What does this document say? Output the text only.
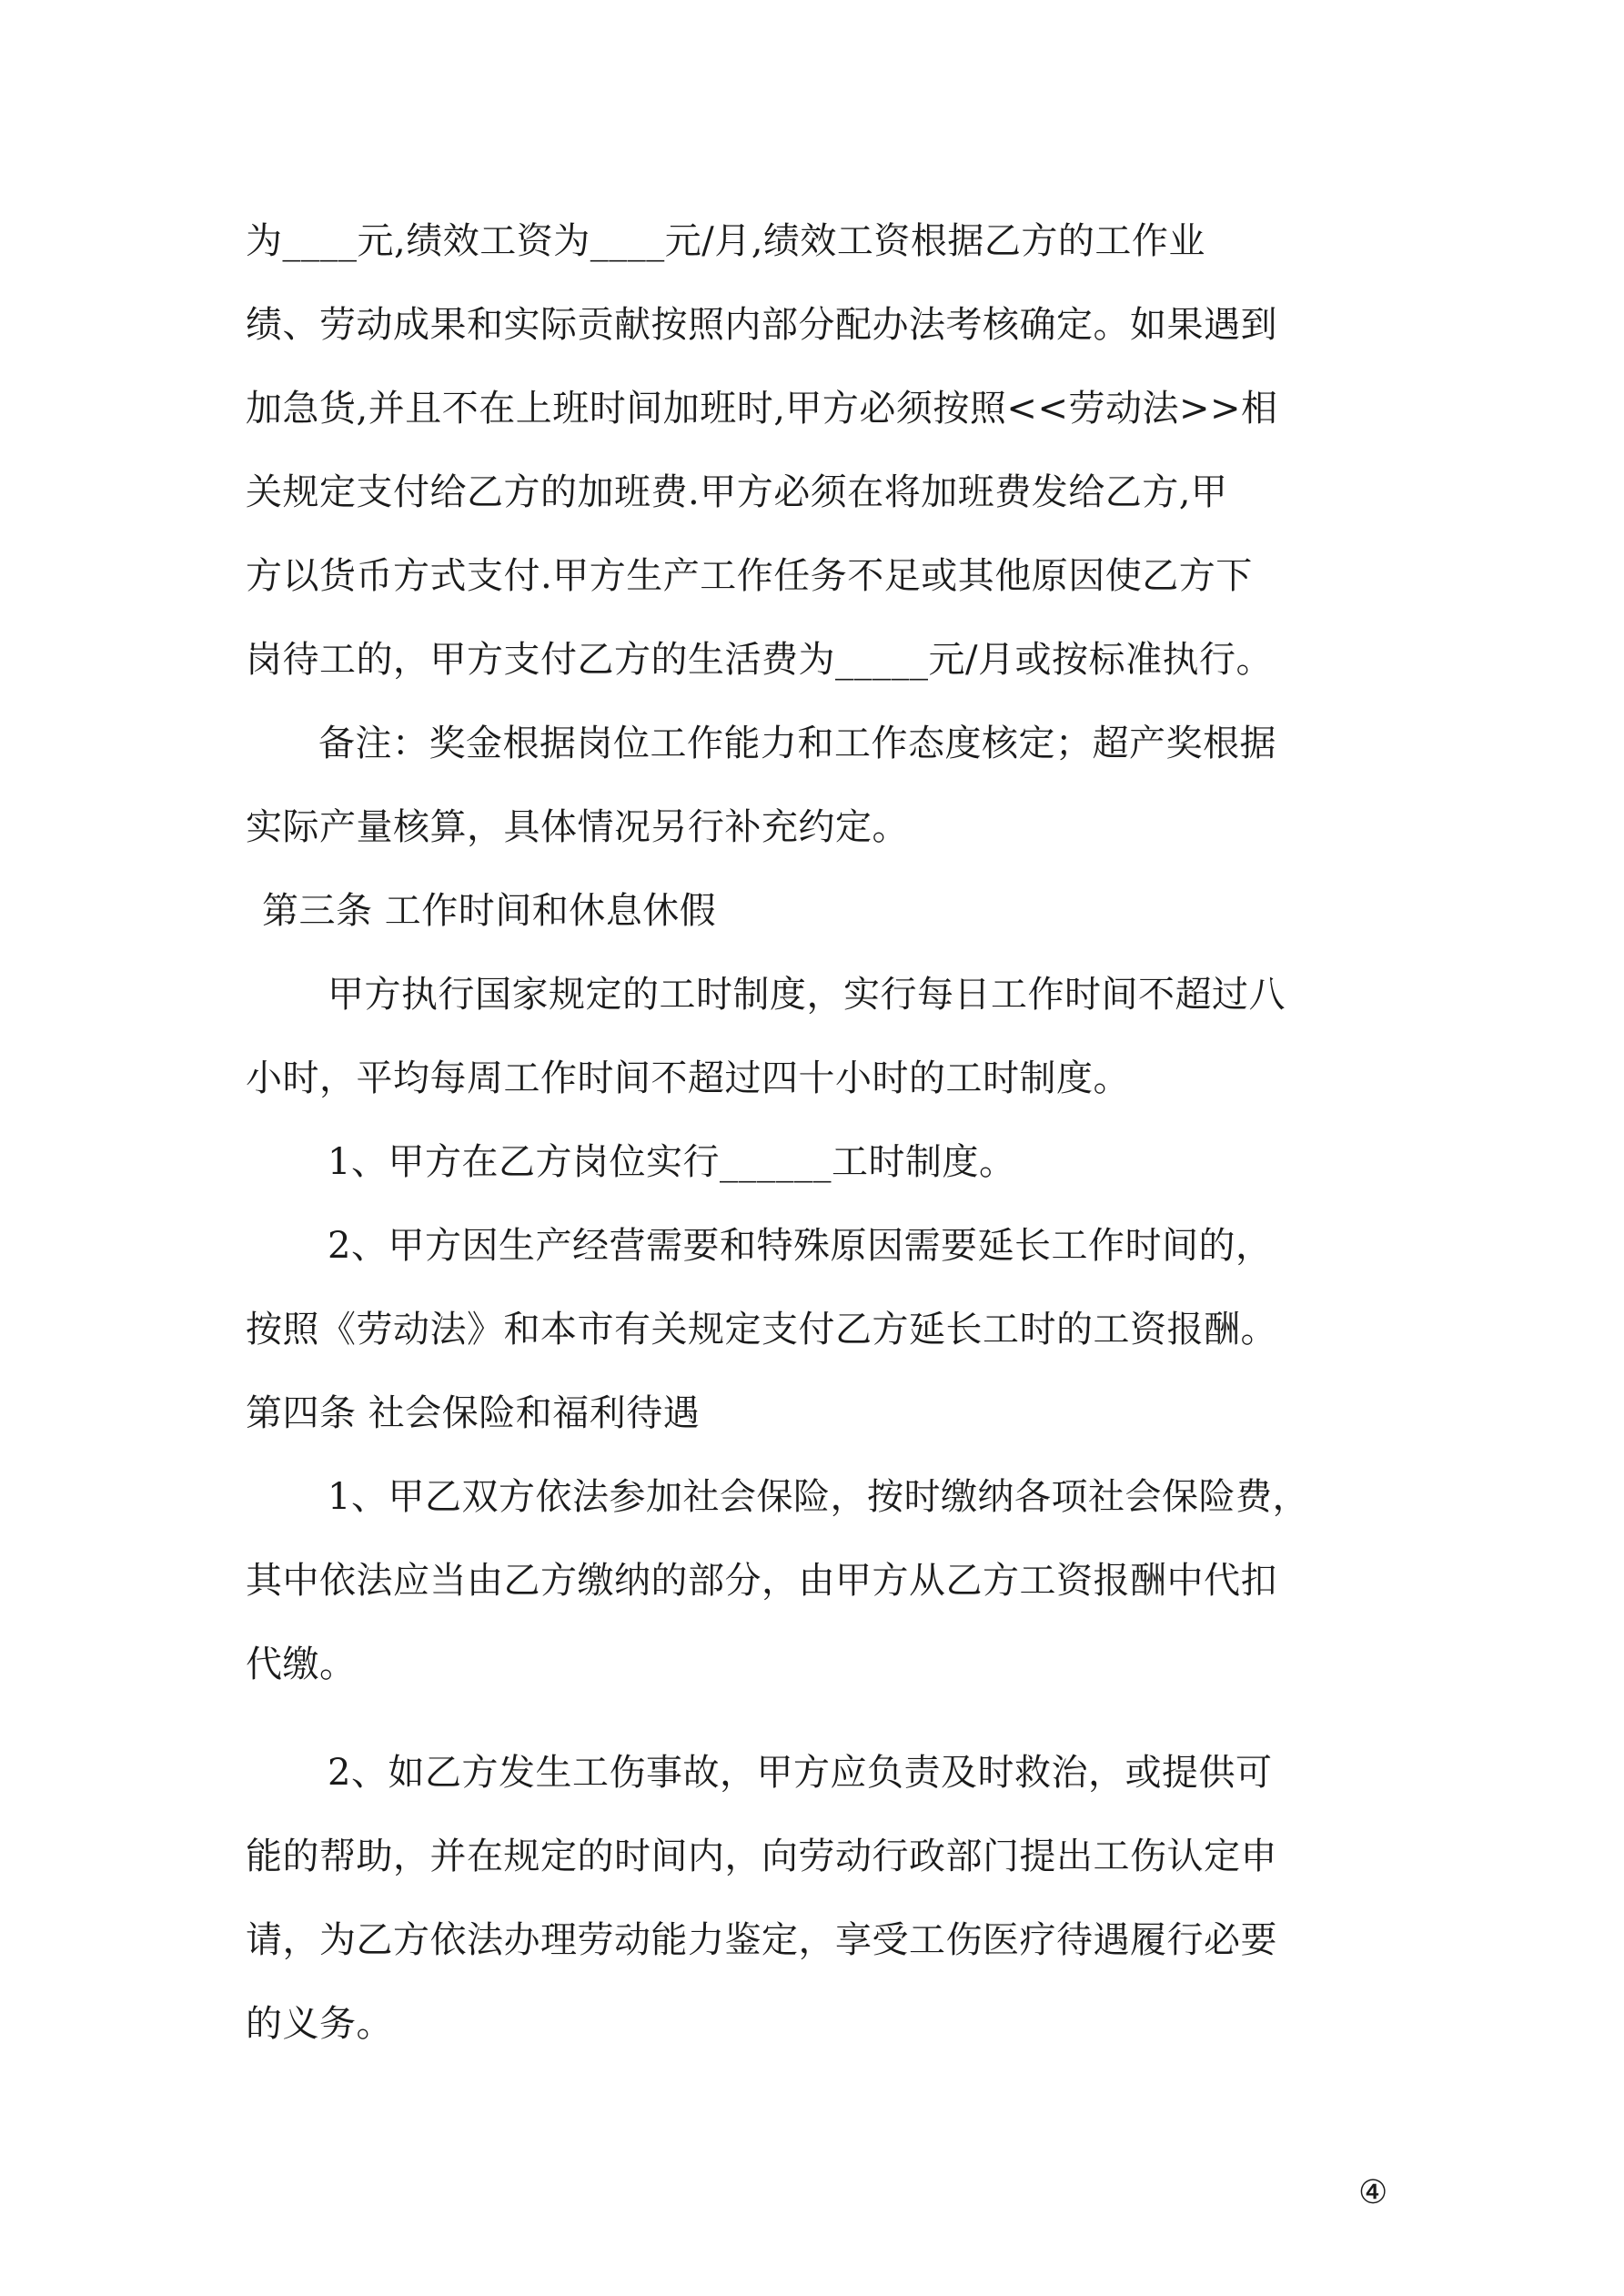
为____元,绩效工资为____元/月,绩效工资根据乙方的工作业
绩、劳动成果和实际贡献按照内部分配办法考核确定。如果遇到
加急货,并且不在上班时间加班时,甲方必须按照<<劳动法>>相
关规定支付给乙方的加班费.甲方必须在将加班费发给乙方,甲
方以货币方式支付.甲方生产工作任务不足或其他原因使乙方下
岗待工的，甲方支付乙方的生活费为_____元/月或按标准执行。
备注：奖金根据岗位工作能力和工作态度核定；超产奖根据
实际产量核算，具体情况另行补充约定。
第三条 工作时间和休息休假
甲方执行国家规定的工时制度，实行每日工作时间不超过八
小时，平均每周工作时间不超过四十小时的工时制度。
1、甲方在乙方岗位实行______工时制度。
2、甲方因生产经营需要和特殊原因需要延长工作时间的，
按照《劳动法》和本市有关规定支付乙方延长工时的工资报酬。
第四条 社会保险和福利待遇
1、甲乙双方依法参加社会保险，按时缴纳各项社会保险费，
其中依法应当由乙方缴纳的部分，由甲方从乙方工资报酬中代扣
代缴。
2、如乙方发生工伤事故，甲方应负责及时救治，或提供可
能的帮助，并在规定的时间内，向劳动行政部门提出工伤认定申
请，为乙方依法办理劳动能力鉴定，享受工伤医疗待遇履行必要
的义务。
④
